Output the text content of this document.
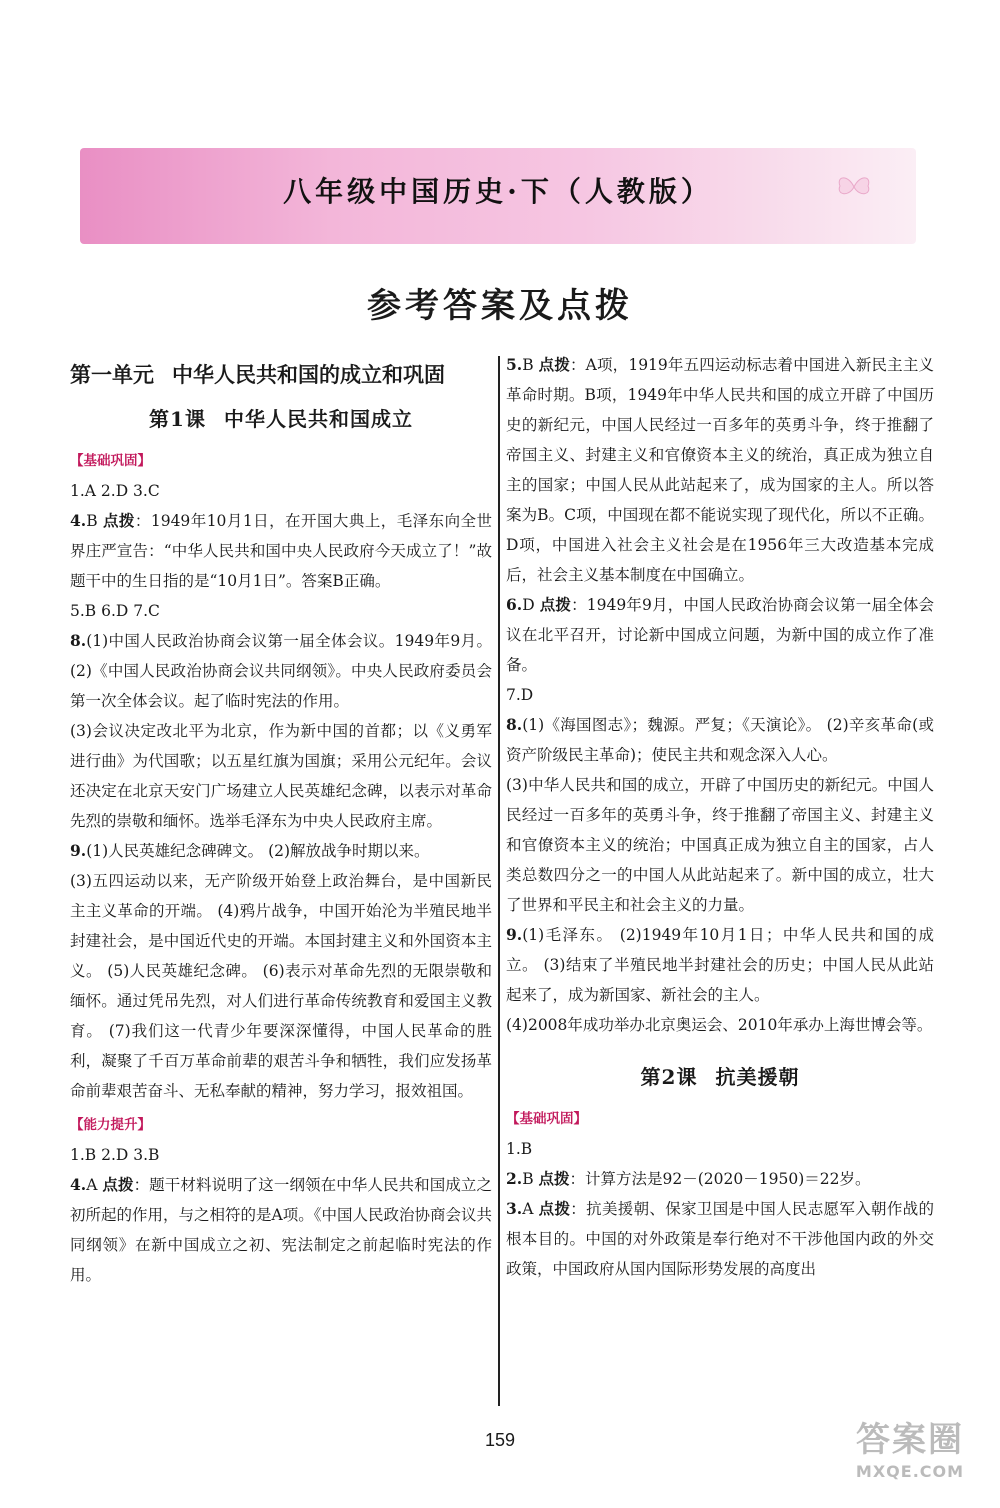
八年级中国历史·下（人教版）
参考答案及点拨
第一单元 中华人民共和国的成立和巩固
第1课 中华人民共和国成立
【基础巩固】
1.A 2.D 3.C
4.B 点拨：1949年10月1日，在开国大典上，毛泽东向全世界庄严宣告：“中华人民共和国中央人民政府今天成立了！”故题干中的生日指的是“10月1日”。答案B正确。
5.B 6.D 7.C
8.(1)中国人民政治协商会议第一届全体会议。1949年9月。 (2)《中国人民政治协商会议共同纲领》。中央人民政府委员会第一次全体会议。起了临时宪法的作用。
(3)会议决定改北平为北京，作为新中国的首都；以《义勇军进行曲》为代国歌；以五星红旗为国旗；采用公元纪年。会议还决定在北京天安门广场建立人民英雄纪念碑，以表示对革命先烈的崇敬和缅怀。选举毛泽东为中央人民政府主席。
9.(1)人民英雄纪念碑碑文。 (2)解放战争时期以来。
(3)五四运动以来，无产阶级开始登上政治舞台，是中国新民主主义革命的开端。 (4)鸦片战争，中国开始沦为半殖民地半封建社会，是中国近代史的开端。本国封建主义和外国资本主义。 (5)人民英雄纪念碑。 (6)表示对革命先烈的无限崇敬和缅怀。通过凭吊先烈，对人们进行革命传统教育和爱国主义教育。 (7)我们这一代青少年要深深懂得，中国人民革命的胜利，凝聚了千百万革命前辈的艰苦斗争和牺牲，我们应发扬革命前辈艰苦奋斗、无私奉献的精神，努力学习，报效祖国。
【能力提升】
1.B 2.D 3.B
4.A 点拨：题干材料说明了这一纲领在中华人民共和国成立之初所起的作用，与之相符的是A项。《中国人民政治协商会议共同纲领》在新中国成立之初、宪法制定之前起临时宪法的作用。
5.B 点拨：A项，1919年五四运动标志着中国进入新民主主义革命时期。B项，1949年中华人民共和国的成立开辟了中国历史的新纪元，中国人民经过一百多年的英勇斗争，终于推翻了帝国主义、封建主义和官僚资本主义的统治，真正成为独立自主的国家；中国人民从此站起来了，成为国家的主人。所以答案为B。C项，中国现在都不能说实现了现代化，所以不正确。D项，中国进入社会主义社会是在1956年三大改造基本完成后，社会主义基本制度在中国确立。
6.D 点拨：1949年9月，中国人民政治协商会议第一届全体会议在北平召开，讨论新中国成立问题，为新中国的成立作了准备。
7.D
8.(1)《海国图志》；魏源。严复；《天演论》。 (2)辛亥革命(或资产阶级民主革命)；使民主共和观念深入人心。
(3)中华人民共和国的成立，开辟了中国历史的新纪元。中国人民经过一百多年的英勇斗争，终于推翻了帝国主义、封建主义和官僚资本主义的统治；中国真正成为独立自主的国家，占人类总数四分之一的中国人从此站起来了。新中国的成立，壮大了世界和平民主和社会主义的力量。
9.(1)毛泽东。 (2)1949年10月1日；中华人民共和国的成立。 (3)结束了半殖民地半封建社会的历史；中国人民从此站起来了，成为新国家、新社会的主人。
(4)2008年成功举办北京奥运会、2010年承办上海世博会等。
第2课 抗美援朝
【基础巩固】
1.B
2.B 点拨：计算方法是92－(2020－1950)＝22岁。
3.A 点拨：抗美援朝、保家卫国是中国人民志愿军入朝作战的根本目的。中国的对外政策是奉行绝对不干涉他国内政的外交政策，中国政府从国内国际形势发展的高度出
159	答案圈
MXQE.COM
